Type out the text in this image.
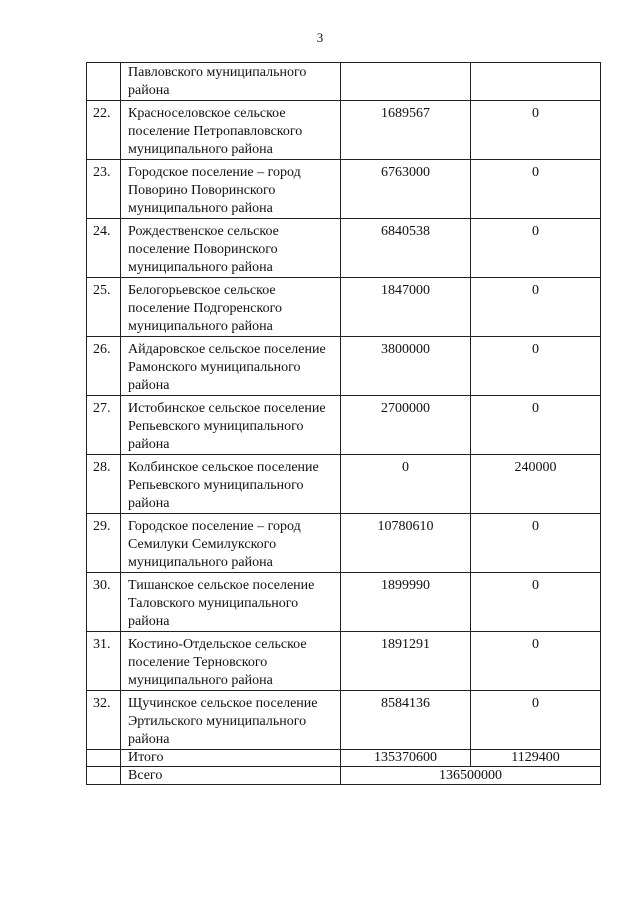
3
	Павловского муниципального района		
22.	Красноселовское сельское поселение Петропавловского муниципального района	1689567	0
23.	Городское поселение – город Поворино Поворинского муниципального района	6763000	0
24.	Рождественское сельское поселение Поворинского муниципального района	6840538	0
25.	Белогорьевское сельское поселение Подгоренского муниципального района	1847000	0
26.	Айдаровское сельское поселение Рамонского муниципального района	3800000	0
27.	Истобинское сельское поселение Репьевского муниципального района	2700000	0
28.	Колбинское сельское поселение Репьевского муниципального района	0	240000
29.	Городское поселение – город Семилуки Семилукского муниципального района	10780610	0
30.	Тишанское сельское поселение Таловского муниципального района	1899990	0
31.	Костино-Отдельское сельское поселение Терновского муниципального района	1891291	0
32.	Щучинское сельское поселение Эртильского муниципального района	8584136	0
	Итого	135370600	1129400
	Всего	136500000	
